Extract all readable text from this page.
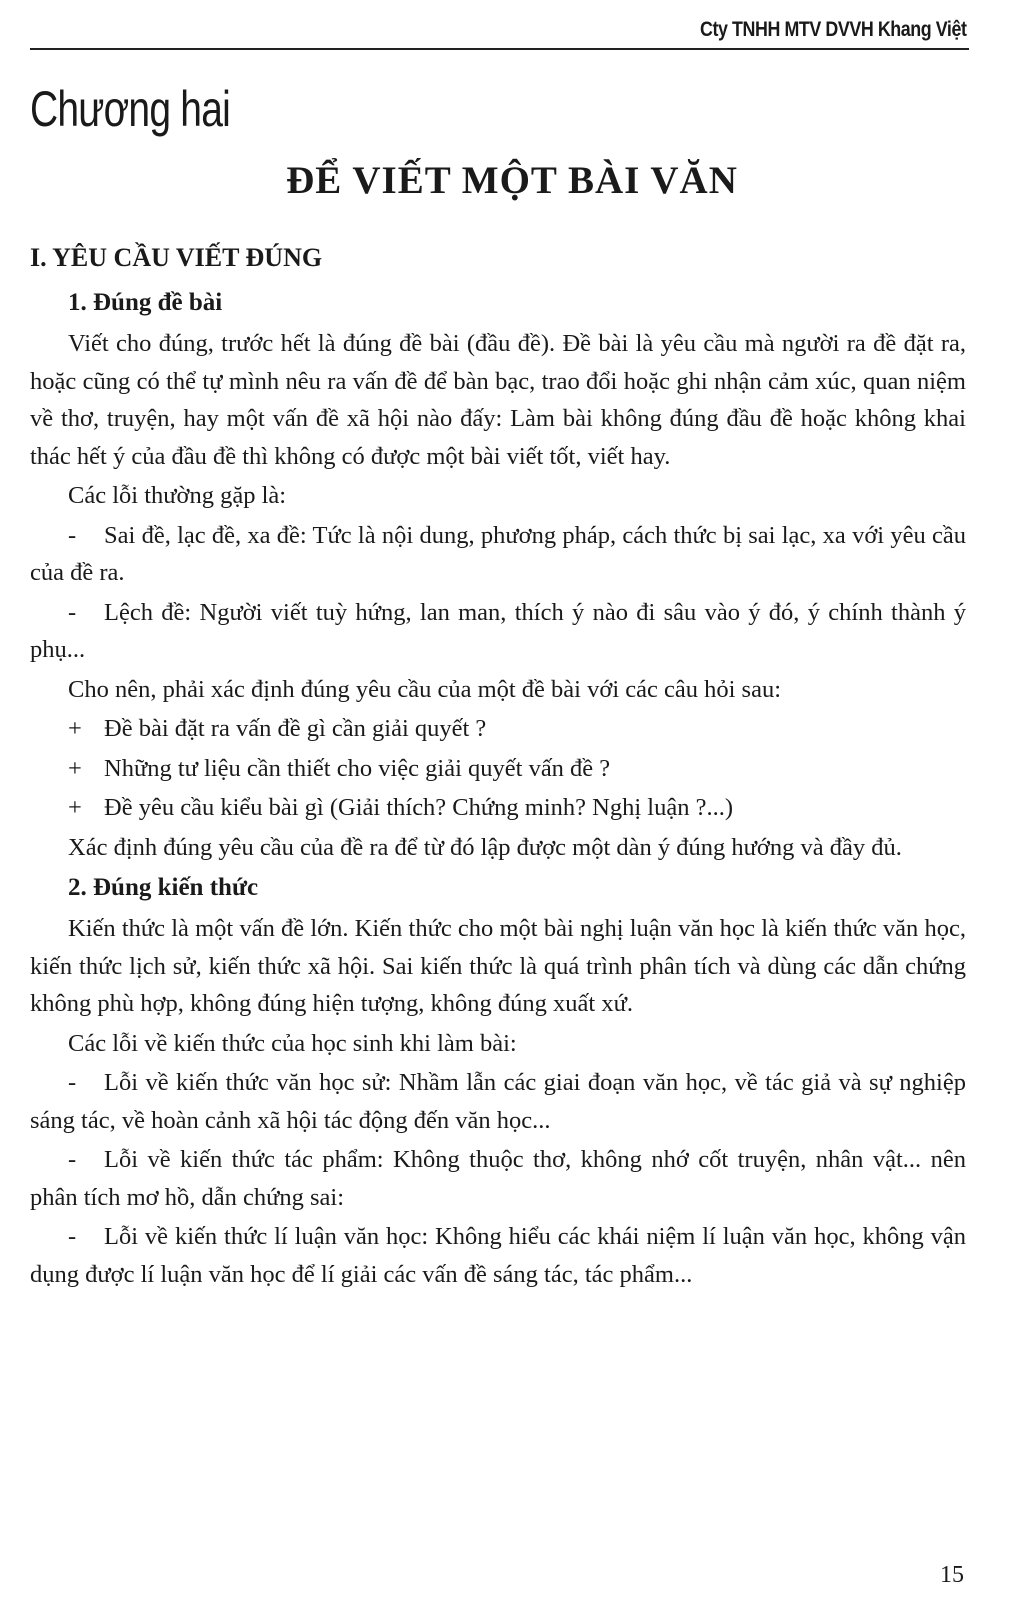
Cty TNHH MTV DVVH Khang Việt
Chương hai
ĐỂ VIẾT MỘT BÀI VĂN
I. YÊU CẦU VIẾT ĐÚNG
1. Đúng đề bài

Viết cho đúng, trước hết là đúng đề bài (đầu đề). Đề bài là yêu cầu mà người ra đề đặt ra, hoặc cũng có thể tự mình nêu ra vấn đề để bàn bạc, trao đổi hoặc ghi nhận cảm xúc, quan niệm về thơ, truyện, hay một vấn đề xã hội nào đấy: Làm bài không đúng đầu đề hoặc không khai thác hết ý của đầu đề thì không có được một bài viết tốt, viết hay.

Các lỗi thường gặp là:

- Sai đề, lạc đề, xa đề: Tức là nội dung, phương pháp, cách thức bị sai lạc, xa với yêu cầu của đề ra.

- Lệch đề: Người viết tuỳ hứng, lan man, thích ý nào đi sâu vào ý đó, ý chính thành ý phụ...

Cho nên, phải xác định đúng yêu cầu của một đề bài với các câu hỏi sau:

+ Đề bài đặt ra vấn đề gì cần giải quyết ?

+ Những tư liệu cần thiết cho việc giải quyết vấn đề ?

+ Đề yêu cầu kiểu bài gì (Giải thích? Chứng minh? Nghị luận ?...)

Xác định đúng yêu cầu của đề ra để từ đó lập được một dàn ý đúng hướng và đầy đủ.

2. Đúng kiến thức

Kiến thức là một vấn đề lớn. Kiến thức cho một bài nghị luận văn học là kiến thức văn học, kiến thức lịch sử, kiến thức xã hội. Sai kiến thức là quá trình phân tích và dùng các dẫn chứng không phù hợp, không đúng hiện tượng, không đúng xuất xứ.

Các lỗi về kiến thức của học sinh khi làm bài:

- Lỗi về kiến thức văn học sử: Nhầm lẫn các giai đoạn văn học, về tác giả và sự nghiệp sáng tác, về hoàn cảnh xã hội tác động đến văn học...

- Lỗi về kiến thức tác phẩm: Không thuộc thơ, không nhớ cốt truyện, nhân vật... nên phân tích mơ hồ, dẫn chứng sai:

- Lỗi về kiến thức lí luận văn học: Không hiểu các khái niệm lí luận văn học, không vận dụng được lí luận văn học để lí giải các vấn đề sáng tác, tác phẩm...

15
